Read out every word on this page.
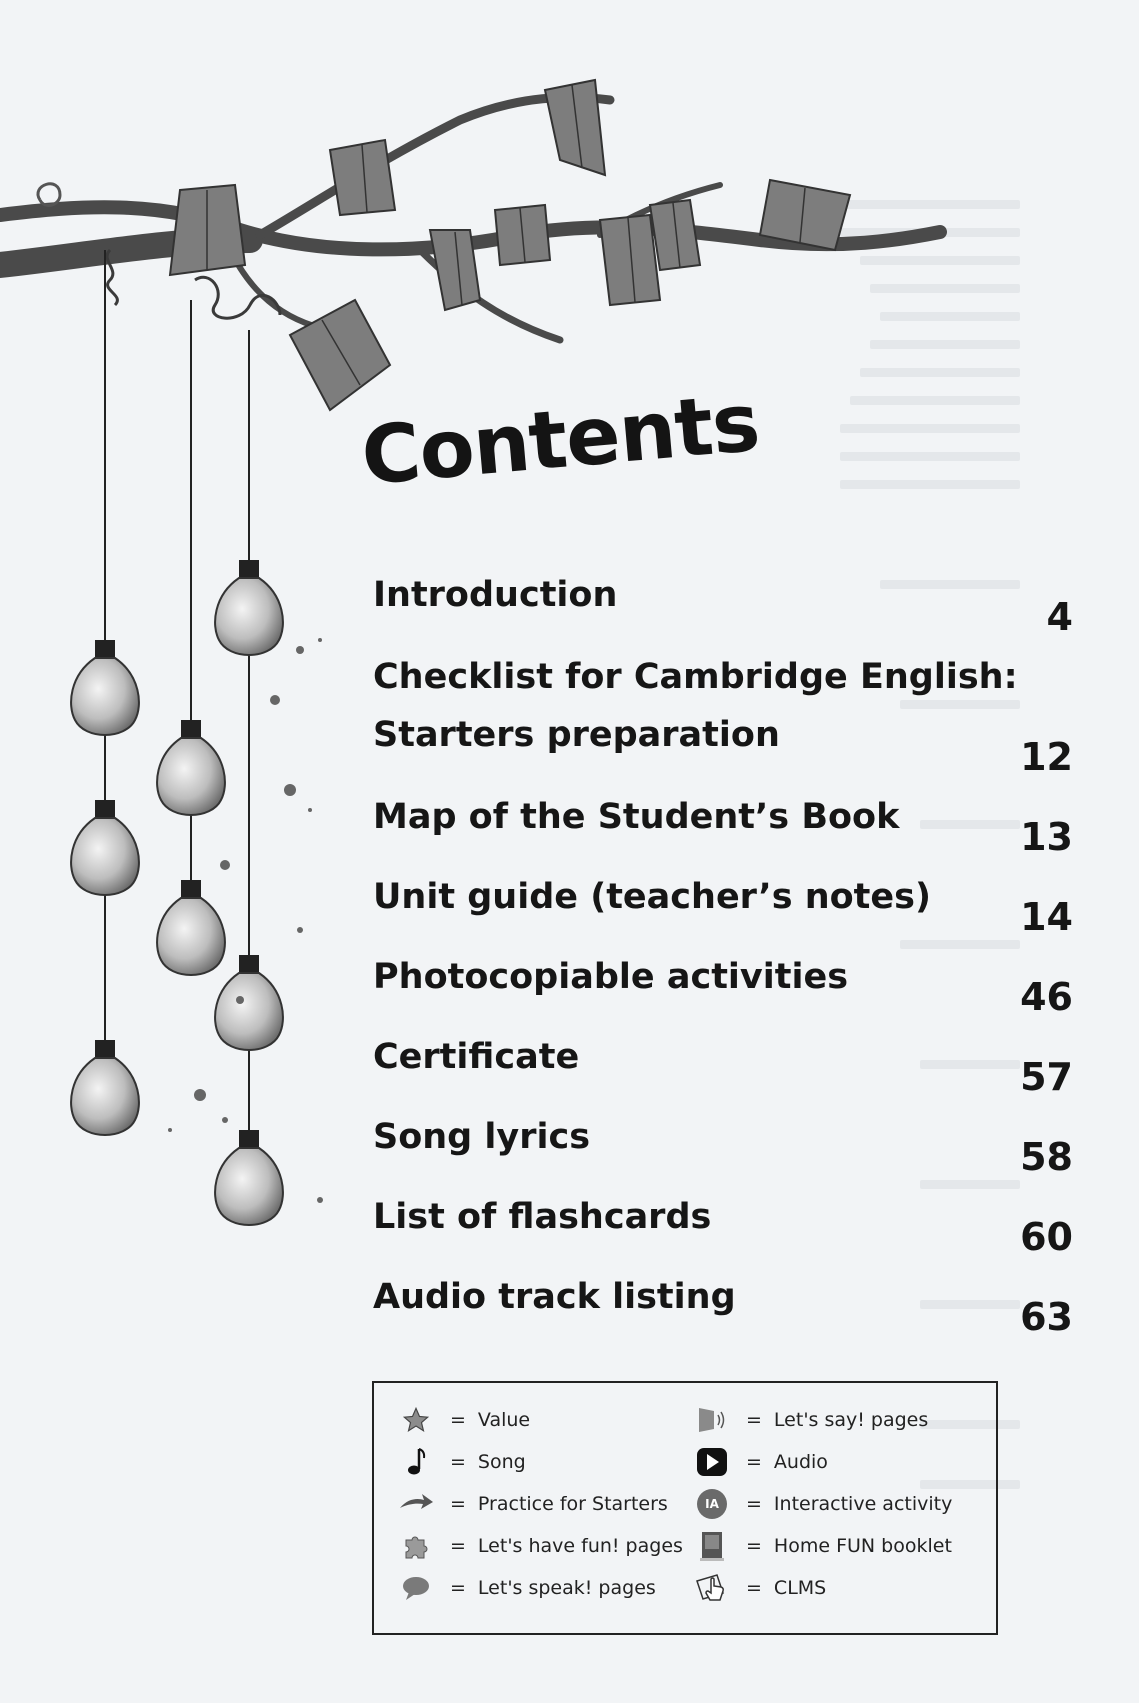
Contents
Introduction	4
Checklist for Cambridge English:
Starters preparation	12
Map of the Student’s Book	13
Unit guide (teacher’s notes)	14
Photocopiable activities	46
Certificate	57
Song lyrics	58
List of flashcards	60
Audio track listing	63
= Value
= Song
= Practice for Starters
= Let's have fun! pages
= Let's speak! pages
= Let's say! pages
= Audio
IA	= Interactive activity
= Home FUN booklet
= CLMS
